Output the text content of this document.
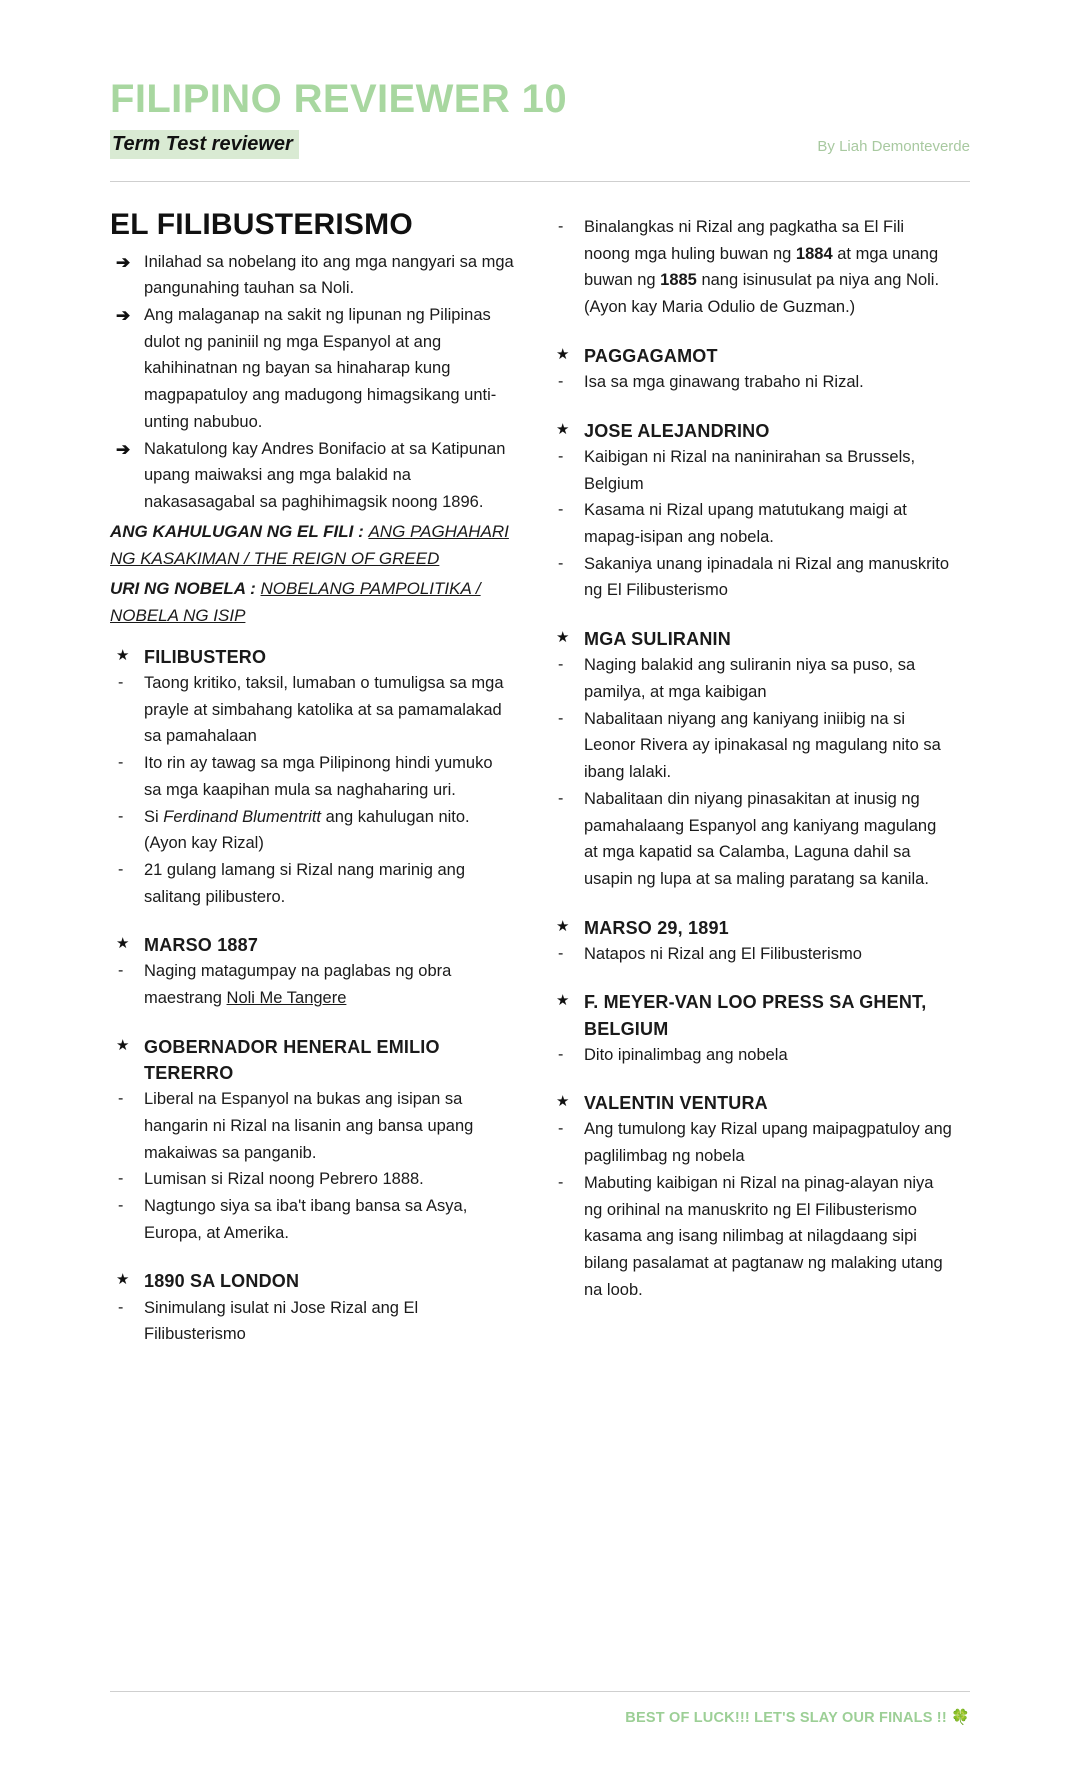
FILIPINO REVIEWER 10
Term Test reviewer	By Liah Demonteverde
EL FILIBUSTERISMO
➔ Inilahad sa nobelang ito ang mga nangyari sa mga pangunahing tauhan sa Noli.
➔ Ang malaganap na sakit ng lipunan ng Pilipinas dulot ng paniniil ng mga Espanyol at ang kahihinatnan ng bayan sa hinaharap kung magpapatuloy ang madugong himagsikang unti-unting nabubuo.
➔ Nakatulong kay Andres Bonifacio at sa Katipunan upang maiwaksi ang mga balakid na nakasasagabal sa paghihimagsik noong 1896.
ANG KAHULUGAN NG EL FILI : ANG PAGHAHARI NG KASAKIMAN / THE REIGN OF GREED
URI NG NOBELA : NOBELANG PAMPOLITIKA / NOBELA NG ISIP
★ FILIBUSTERO
-	Taong kritiko, taksil, lumaban o tumuligsa sa mga prayle at simbahang katolika at sa pamamalakad sa pamahalaan
-	Ito rin ay tawag sa mga Pilipinong hindi yumuko sa mga kaapihan mula sa naghaharing uri.
-	Si Ferdinand Blumentritt ang kahulugan nito. (Ayon kay Rizal)
-	21 gulang lamang si Rizal nang marinig ang salitang pilibustero.
★ MARSO 1887
-	Naging matagumpay na paglabas ng obra maestrang Noli Me Tangere
★ GOBERNADOR HENERAL EMILIO TERERRO
-	Liberal na Espanyol na bukas ang isipan sa hangarin ni Rizal na lisanin ang bansa upang makaiwas sa panganib.
-	Lumisan si Rizal noong Pebrero 1888.
-	Nagtungo siya sa iba't ibang bansa sa Asya, Europa, at Amerika.
★ 1890 SA LONDON
-	Sinimulang isulat ni Jose Rizal ang El Filibusterismo
-	Binalangkas ni Rizal ang pagkatha sa El Fili noong mga huling buwan ng 1884 at mga unang buwan ng 1885 nang isinusulat pa niya ang Noli. (Ayon kay Maria Odulio de Guzman.)
★ PAGGAGAMOT
-	Isa sa mga ginawang trabaho ni Rizal.
★ JOSE ALEJANDRINO
-	Kaibigan ni Rizal na naninirahan sa Brussels, Belgium
-	Kasama ni Rizal upang matutukang maigi at mapag-isipan ang nobela.
-	Sakaniya unang ipinadala ni Rizal ang manuskrito ng El Filibusterismo
★ MGA SULIRANIN
-	Naging balakid ang suliranin niya sa puso, sa pamilya, at mga kaibigan
-	Nabalitaan niyang ang kaniyang iniibig na si Leonor Rivera ay ipinakasal ng magulang nito sa ibang lalaki.
-	Nabalitaan din niyang pinasakitan at inusig ng pamahalaang Espanyol ang kaniyang magulang at mga kapatid sa Calamba, Laguna dahil sa usapin ng lupa at sa maling paratang sa kanila.
★ MARSO 29, 1891
-	Natapos ni Rizal ang El Filibusterismo
★ F. MEYER-VAN LOO PRESS SA GHENT, BELGIUM
-	Dito ipinalimbag ang nobela
★ VALENTIN VENTURA
-	Ang tumulong kay Rizal upang maipagpatuloy ang paglilimbag ng nobela
-	Mabuting kaibigan ni Rizal na pinag-alayan niya ng orihinal na manuskrito ng El Filibusterismo kasama ang isang nilimbag at nilagdaang sipi bilang pasalamat at pagtanaw ng malaking utang na loob.
BEST OF LUCK!!! LET'S SLAY OUR FINALS !! 🍀
